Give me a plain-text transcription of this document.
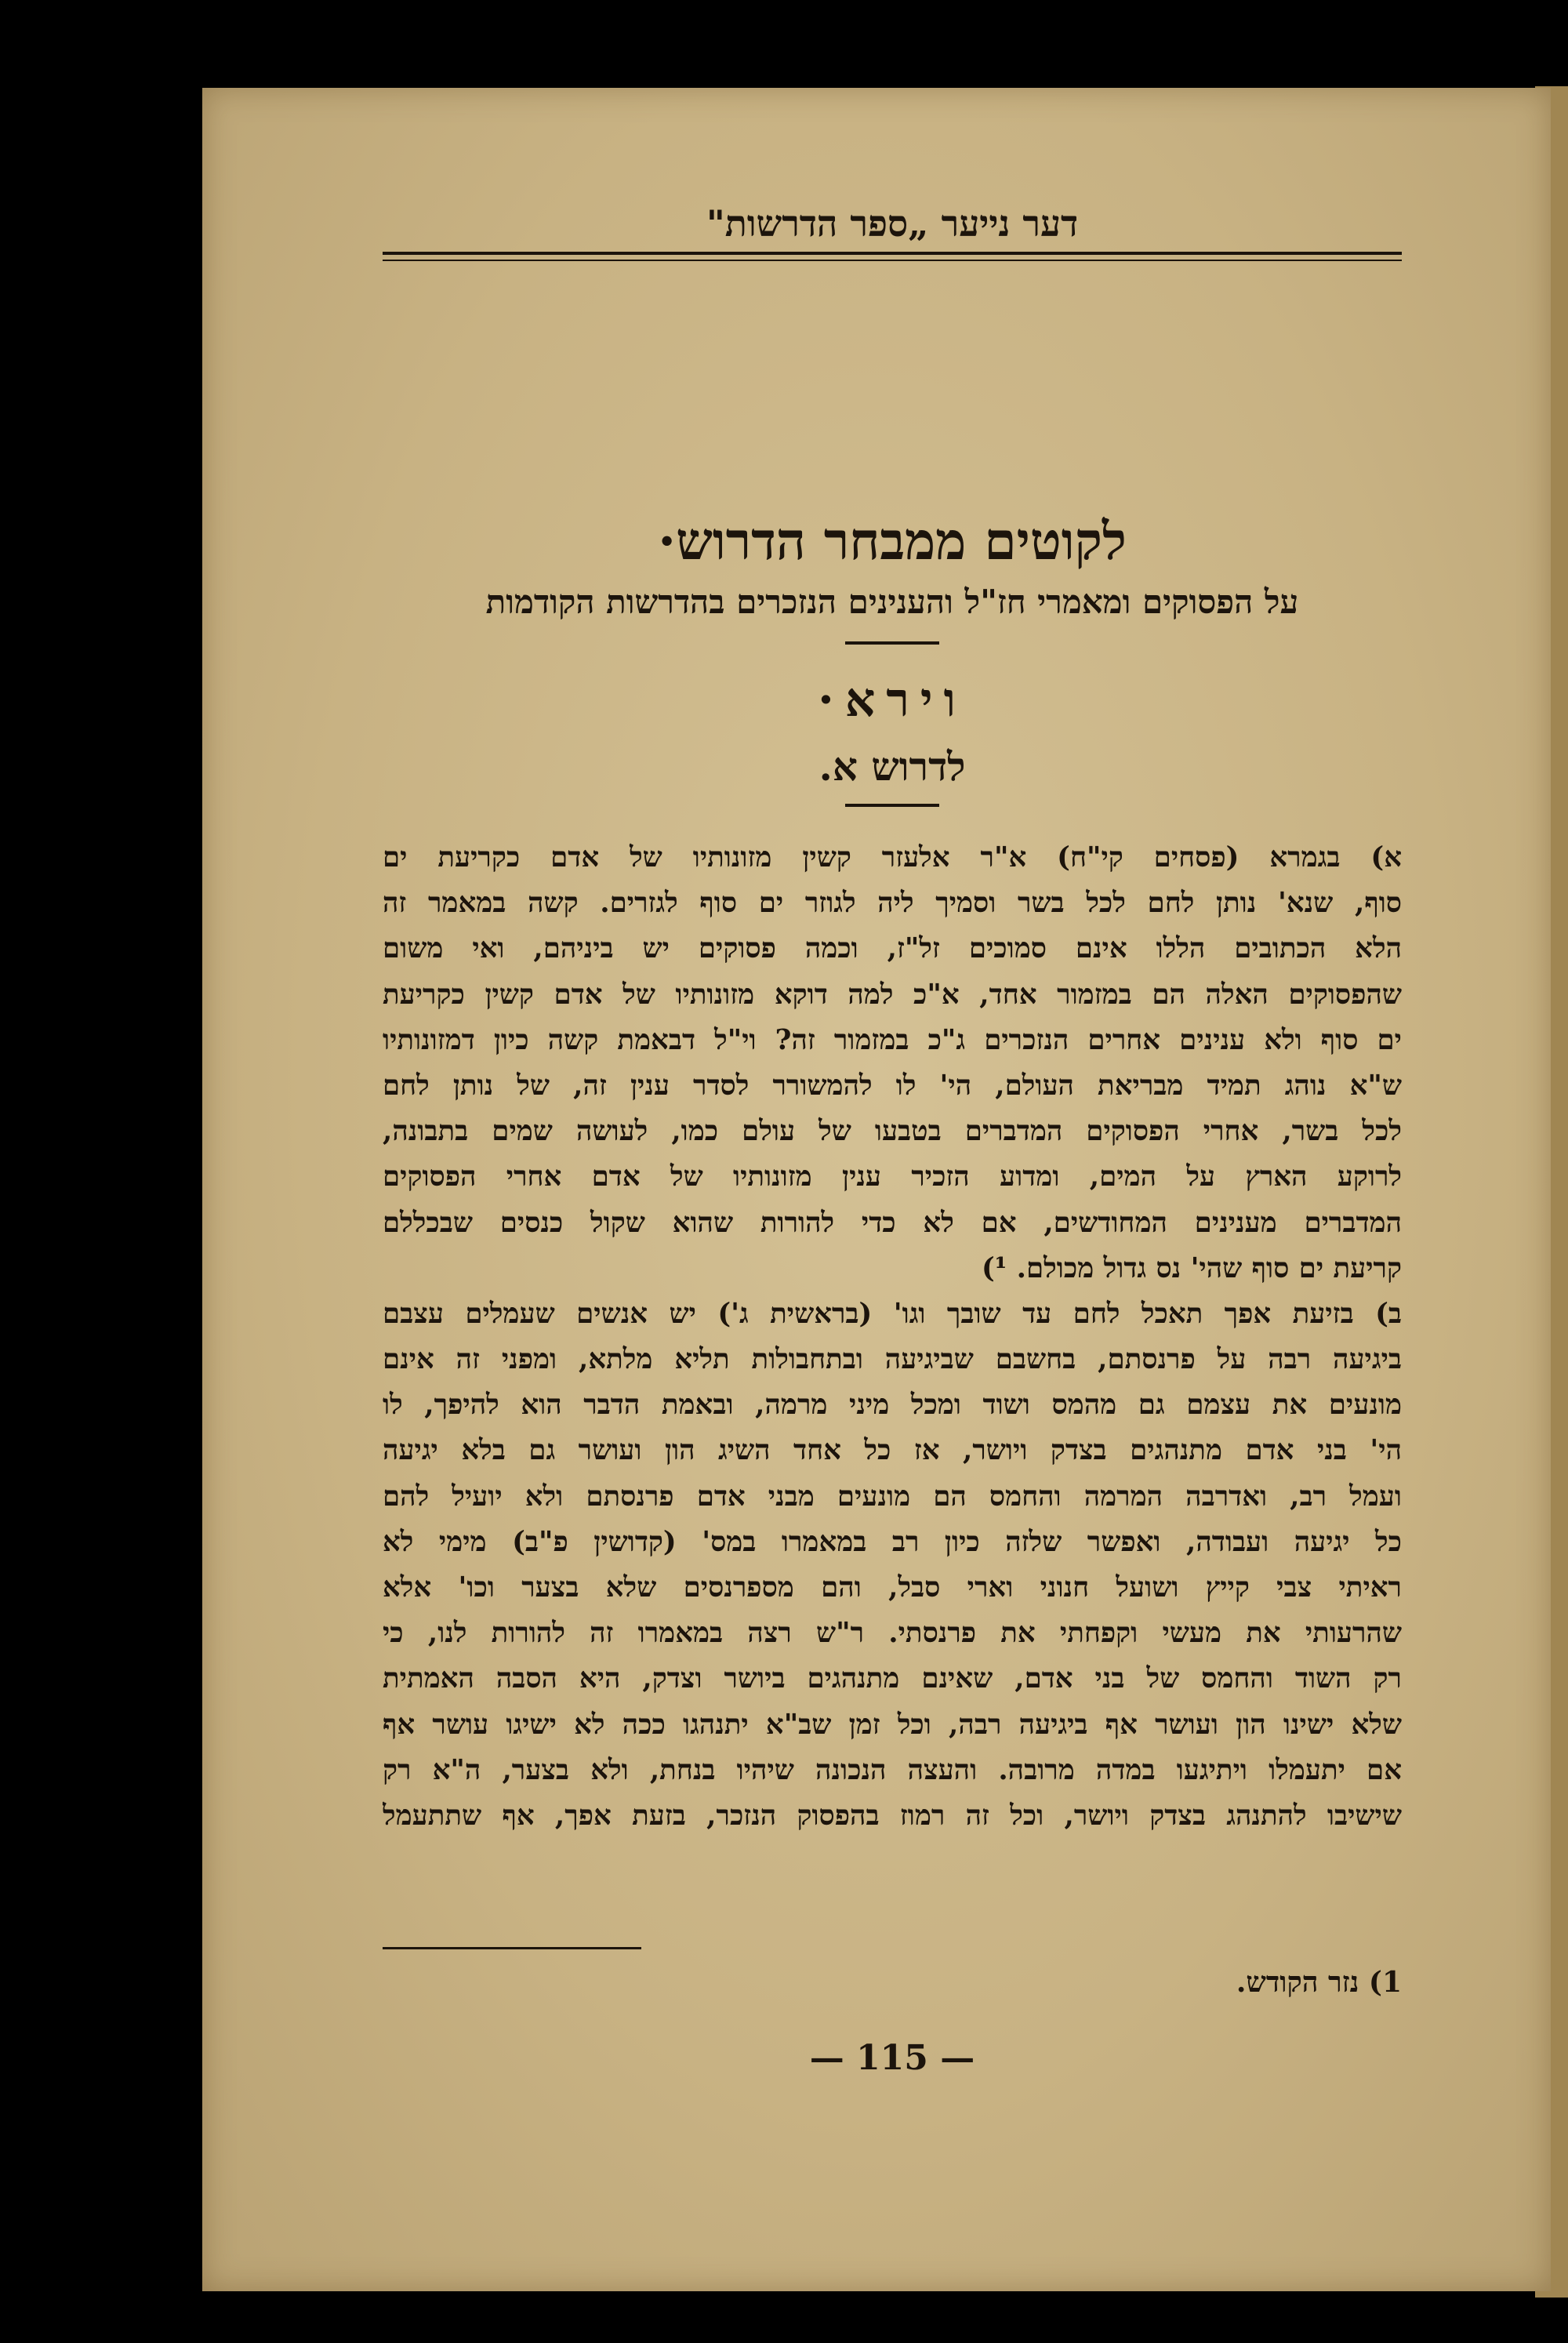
דער נייער „ספר הדרשות"
לקוטים ממבחר הדרוש·
על הפסוקים ומאמרי חז"ל והענינים הנזכרים בהדרשות הקודמות
וירא·
לדרוש א.
א) בגמרא (פסחים קי"ח) א"ר אלעזר קשין מזונותיו של אדם כקריעת ים
סוף, שנא' נותן לחם לכל בשר וסמיך ליה לגוזר ים סוף לגזרים. קשה במאמר זה
הלא הכתובים הללו אינם סמוכים זל"ז, וכמה פסוקים יש ביניהם, ואי משום
שהפסוקים האלה הם במזמור אחד, א"כ למה דוקא מזונותיו של אדם קשין כקריעת
ים סוף ולא ענינים אחרים הנזכרים ג"כ במזמור זה? וי"ל דבאמת קשה כיון דמזונותיו
ש"א נוהג תמיד מבריאת העולם, הי' לו להמשורר לסדר ענין זה, של נותן לחם
לכל בשר, אחרי הפסוקים המדברים בטבעו של עולם כמו, לעושה שמים בתבונה,
לרוקע הארץ על המים, ומדוע הזכיר ענין מזונותיו של אדם אחרי הפסוקים
המדברים מענינים המחודשים, אם לא כדי להורות שהוא שקול כנסים שבכללם
קריעת ים סוף שהי' נס גדול מכולם. ¹)
ב) בזיעת אפך תאכל לחם עד שובך וגו' (בראשית ג') יש אנשים שעמלים עצבם
ביגיעה רבה על פרנסתם, בחשבם שביגיעה ובתחבולות תליא מלתא, ומפני זה אינם
מונעים את עצמם גם מהמס ושוד ומכל מיני מרמה, ובאמת הדבר הוא להיפך, לו
הי' בני אדם מתנהגים בצדק ויושר, אז כל אחד השיג הון ועושר גם בלא יגיעה
ועמל רב, ואדרבה המרמה והחמס הם מונעים מבני אדם פרנסתם ולא יועיל להם
כל יגיעה ועבודה, ואפשר שלזה כיון רב במאמרו במס' (קדושין פ"ב) מימי לא
ראיתי צבי קייץ ושועל חנוני וארי סבל, והם מספרנסים שלא בצער וכו' אלא
שהרעותי את מעשי וקפחתי את פרנסתי. ר"ש רצה במאמרו זה להורות לנו, כי
רק השוד והחמס של בני אדם, שאינם מתנהגים ביושר וצדק, היא הסבה האמתית
שלא ישינו הון ועושר אף ביגיעה רבה, וכל זמן שב"א יתנהגו ככה לא ישיגו עושר אף
אם יתעמלו ויתיגעו במדה מרובה. והעצה הנכונה שיהיו בנחת, ולא בצער, ה"א רק
שישיבו להתנהג בצדק ויושר, וכל זה רמוז בהפסוק הנזכר, בזעת אפך, אף שתתעמל
1) נזר הקודש.
— 115 —
